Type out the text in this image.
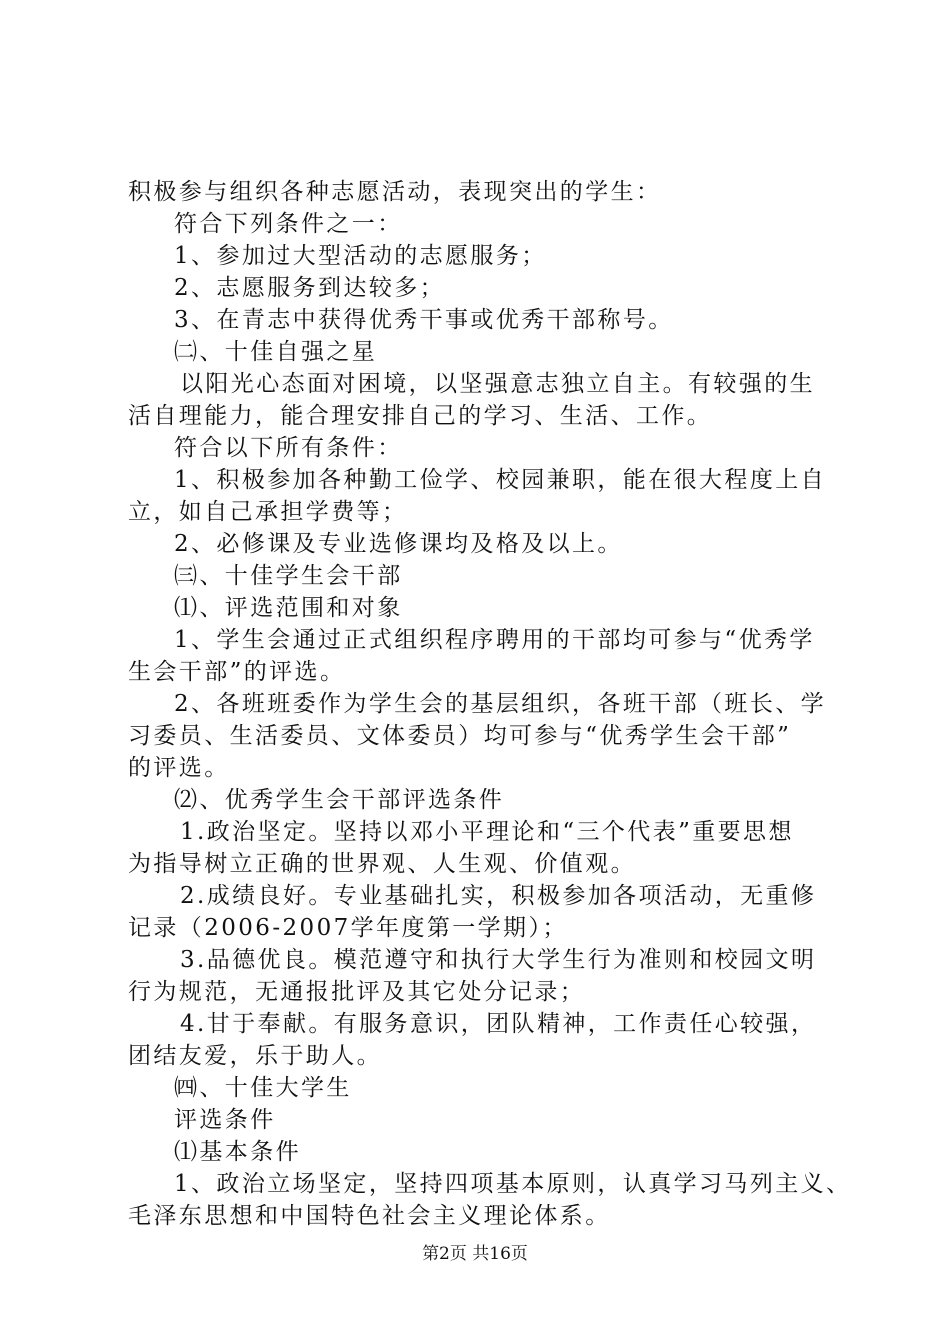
积极参与组织各种志愿活动，表现突出的学生：
符合下列条件之一：
1、参加过大型活动的志愿服务；
2、志愿服务到达较多；
3、在青志中获得优秀干事或优秀干部称号。
㈡、十佳自强之星
以阳光心态面对困境，以坚强意志独立自主。有较强的生
活自理能力，能合理安排自己的学习、生活、工作。
符合以下所有条件：
1、积极参加各种勤工俭学、校园兼职，能在很大程度上自
立，如自己承担学费等；
2、必修课及专业选修课均及格及以上。
㈢、十佳学生会干部
⑴、评选范围和对象
1、学生会通过正式组织程序聘用的干部均可参与“优秀学
生会干部”的评选。
2、各班班委作为学生会的基层组织，各班干部（班长、学
习委员、生活委员、文体委员）均可参与“优秀学生会干部”
的评选。
⑵、优秀学生会干部评选条件
1.政治坚定。坚持以邓小平理论和“三个代表”重要思想
为指导树立正确的世界观、人生观、价值观。
2.成绩良好。专业基础扎实，积极参加各项活动，无重修
记录（2006-2007学年度第一学期）；
3.品德优良。模范遵守和执行大学生行为准则和校园文明
行为规范，无通报批评及其它处分记录；
4.甘于奉献。有服务意识，团队精神，工作责任心较强，
团结友爱，乐于助人。
㈣、十佳大学生
评选条件
⑴基本条件
1、政治立场坚定，坚持四项基本原则，认真学习马列主义、
毛泽东思想和中国特色社会主义理论体系。
第2页 共16页
